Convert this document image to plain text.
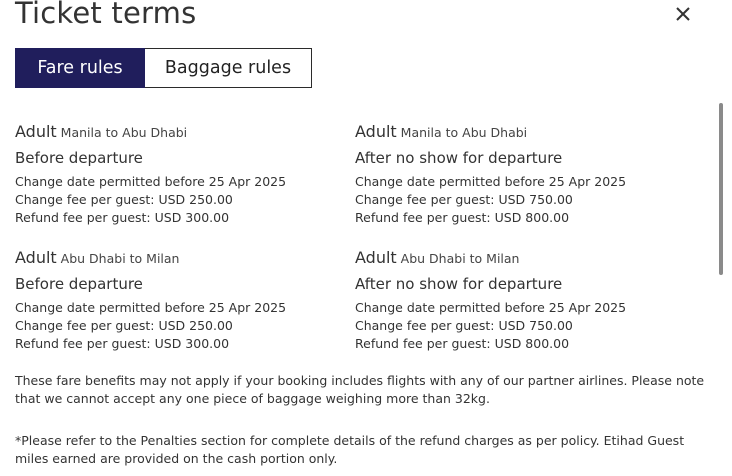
Ticket terms
Fare rules	Baggage rules
Adult Manila to Abu Dhabi
Before departure
Change date permitted before 25 Apr 2025
Change fee per guest: USD 250.00
Refund fee per guest: USD 300.00
Adult Manila to Abu Dhabi
After no show for departure
Change date permitted before 25 Apr 2025
Change fee per guest: USD 750.00
Refund fee per guest: USD 800.00
Adult Abu Dhabi to Milan
Before departure
Change date permitted before 25 Apr 2025
Change fee per guest: USD 250.00
Refund fee per guest: USD 300.00
Adult Abu Dhabi to Milan
After no show for departure
Change date permitted before 25 Apr 2025
Change fee per guest: USD 750.00
Refund fee per guest: USD 800.00
These fare benefits may not apply if your booking includes flights with any of our partner airlines. Please note that we cannot accept any one piece of baggage weighing more than 32kg.
*Please refer to the Penalties section for complete details of the refund charges as per policy. Etihad Guest miles earned are provided on the cash portion only.
